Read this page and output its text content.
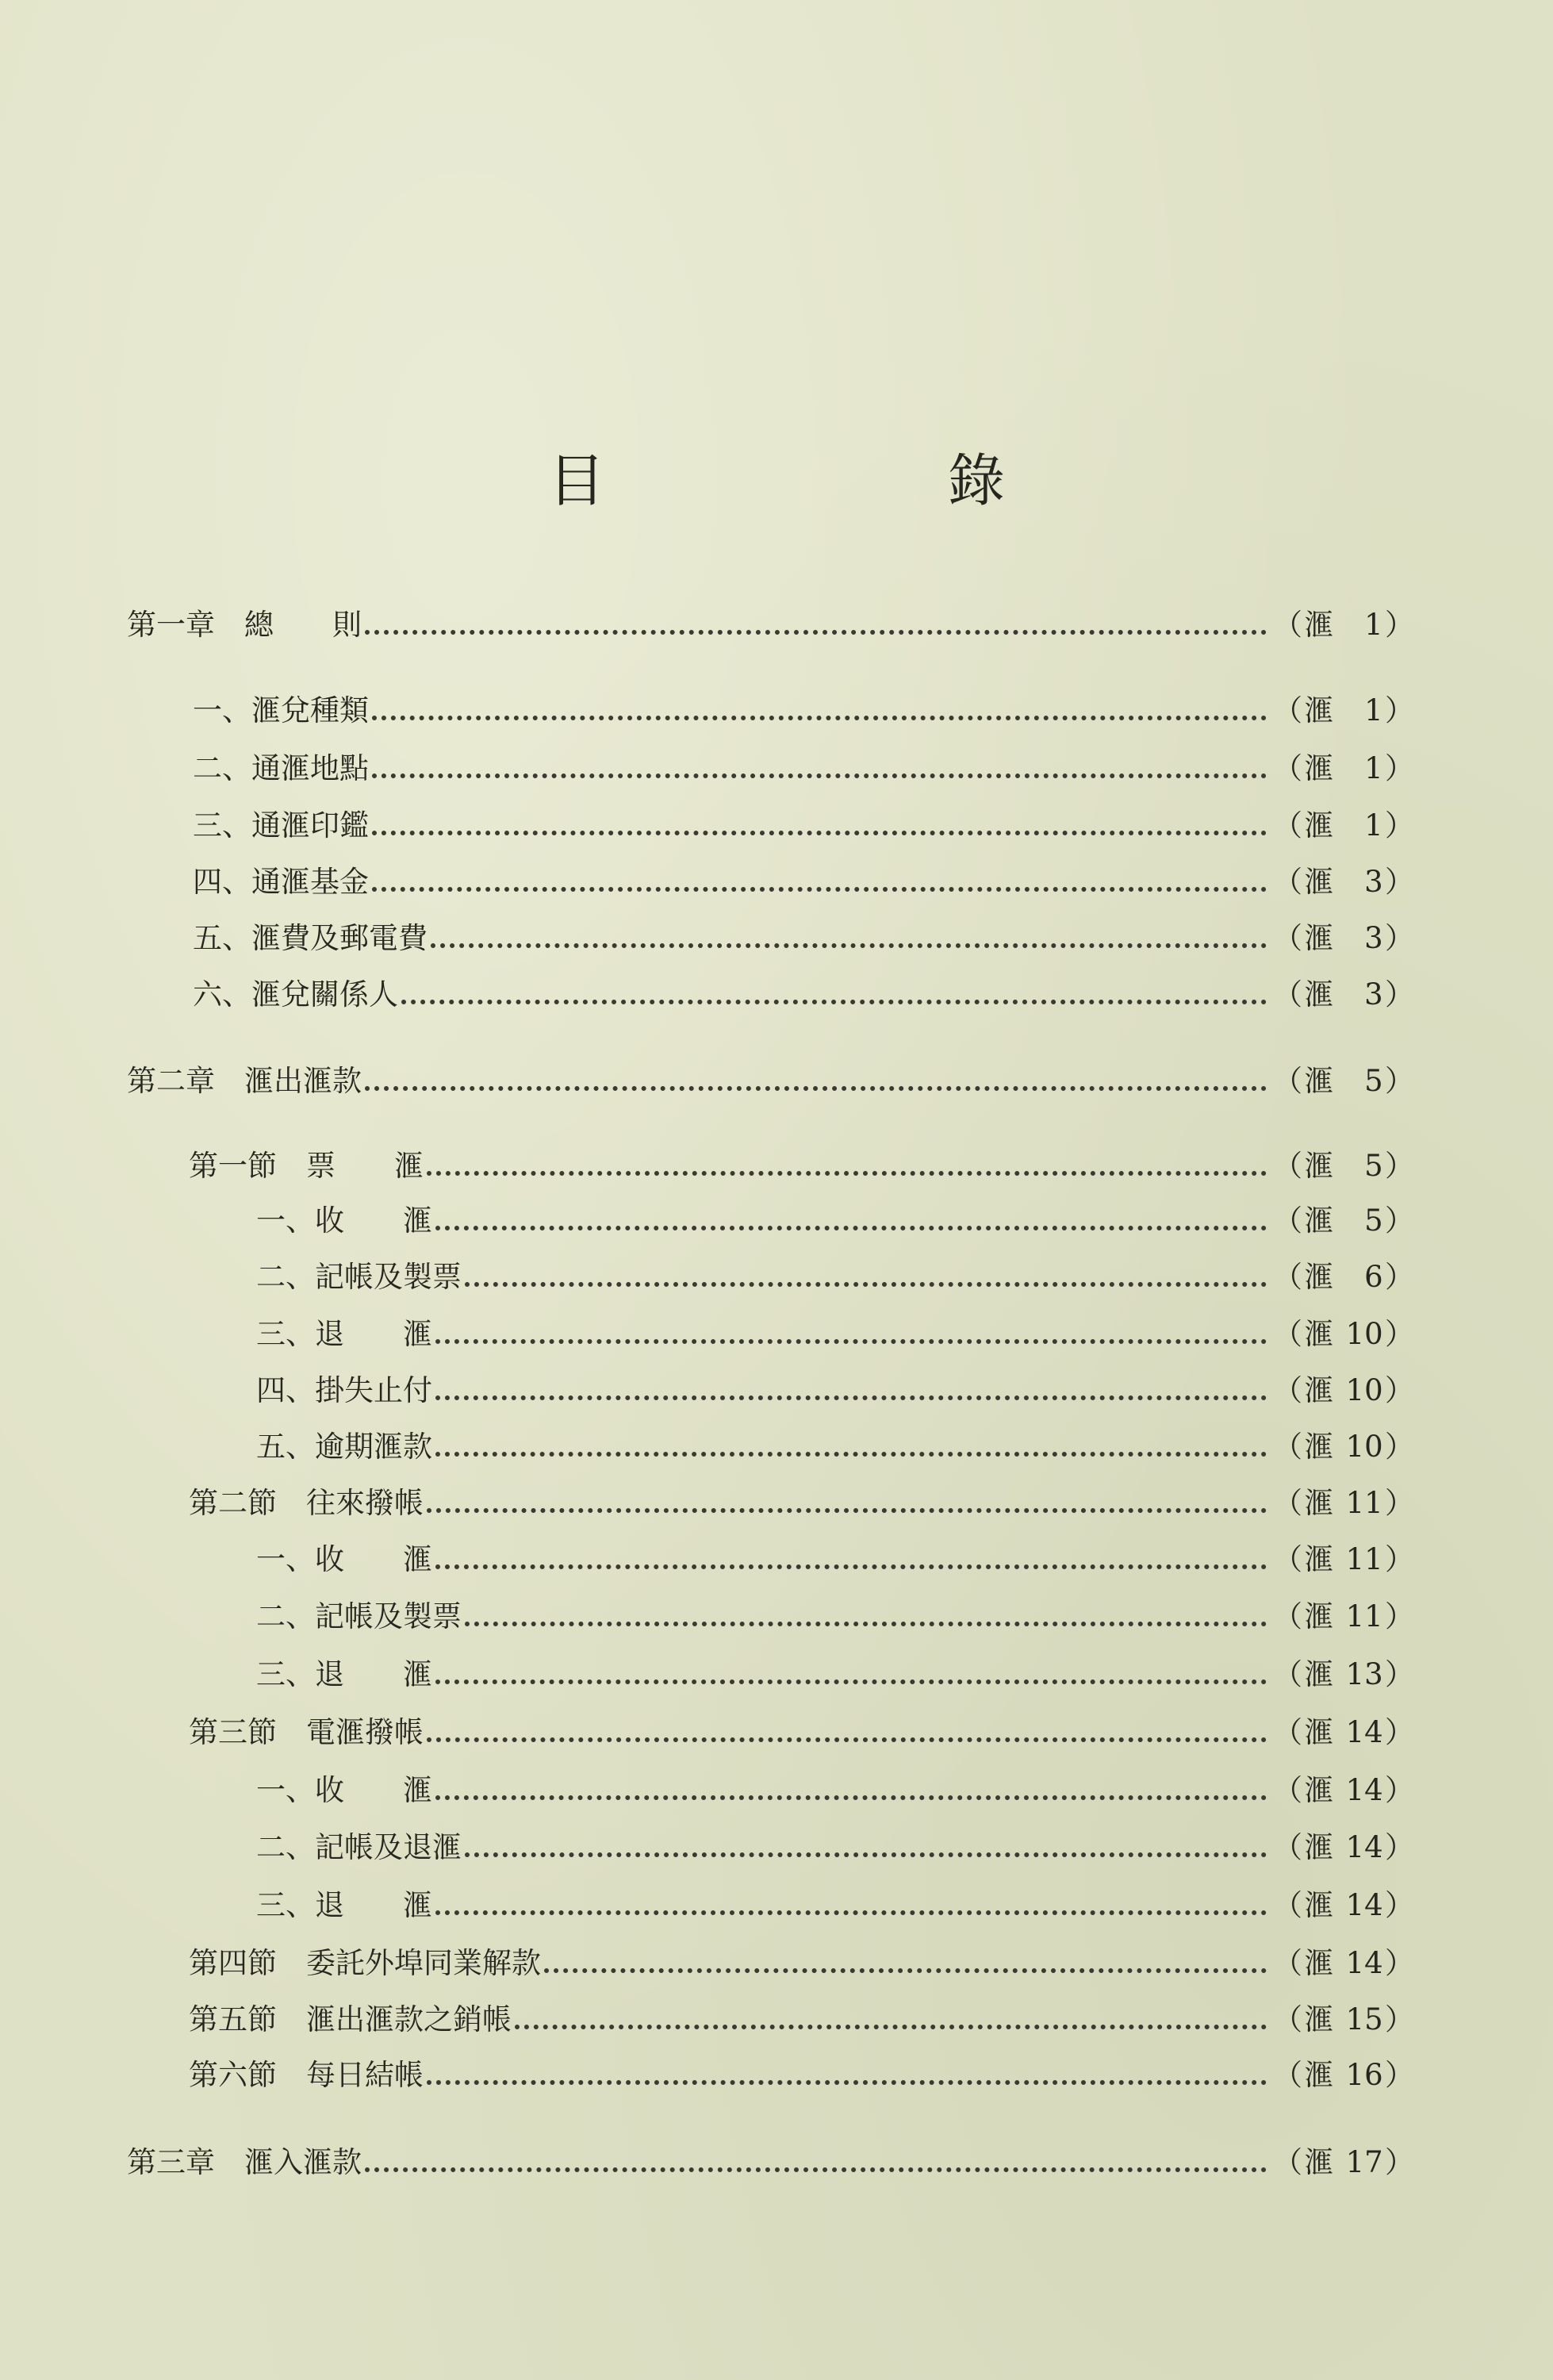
目　錄
第一章　總　　則	（ 滙	1 ）
一、滙兌種類	（ 滙	1 ）
二、通滙地點	（ 滙	1 ）
三、通滙印鑑	（ 滙	1 ）
四、通滙基金	（ 滙	3 ）
五、滙費及郵電費	（ 滙	3 ）
六、滙兌關係人	（ 滙	3 ）
第二章　滙出滙款	（ 滙	5 ）
第一節　票　　滙	（ 滙	5 ）
一、收　　滙	（ 滙	5 ）
二、記帳及製票	（ 滙	6 ）
三、退　　滙	（ 滙 10 ）
四、掛失止付	（ 滙 10 ）
五、逾期滙款	（ 滙 10 ）
第二節　往來撥帳	（ 滙 11 ）
一、收　　滙	（ 滙 11 ）
二、記帳及製票	（ 滙 11 ）
三、退　　滙	（ 滙 13 ）
第三節　電滙撥帳	（ 滙 14 ）
一、收　　滙	（ 滙 14 ）
二、記帳及退滙	（ 滙 14 ）
三、退　　滙	（ 滙 14 ）
第四節　委託外埠同業解款	（ 滙 14 ）
第五節　滙出滙款之銷帳	（ 滙 15 ）
第六節　每日結帳	（ 滙 16 ）
第三章　滙入滙款	（ 滙 17 ）
